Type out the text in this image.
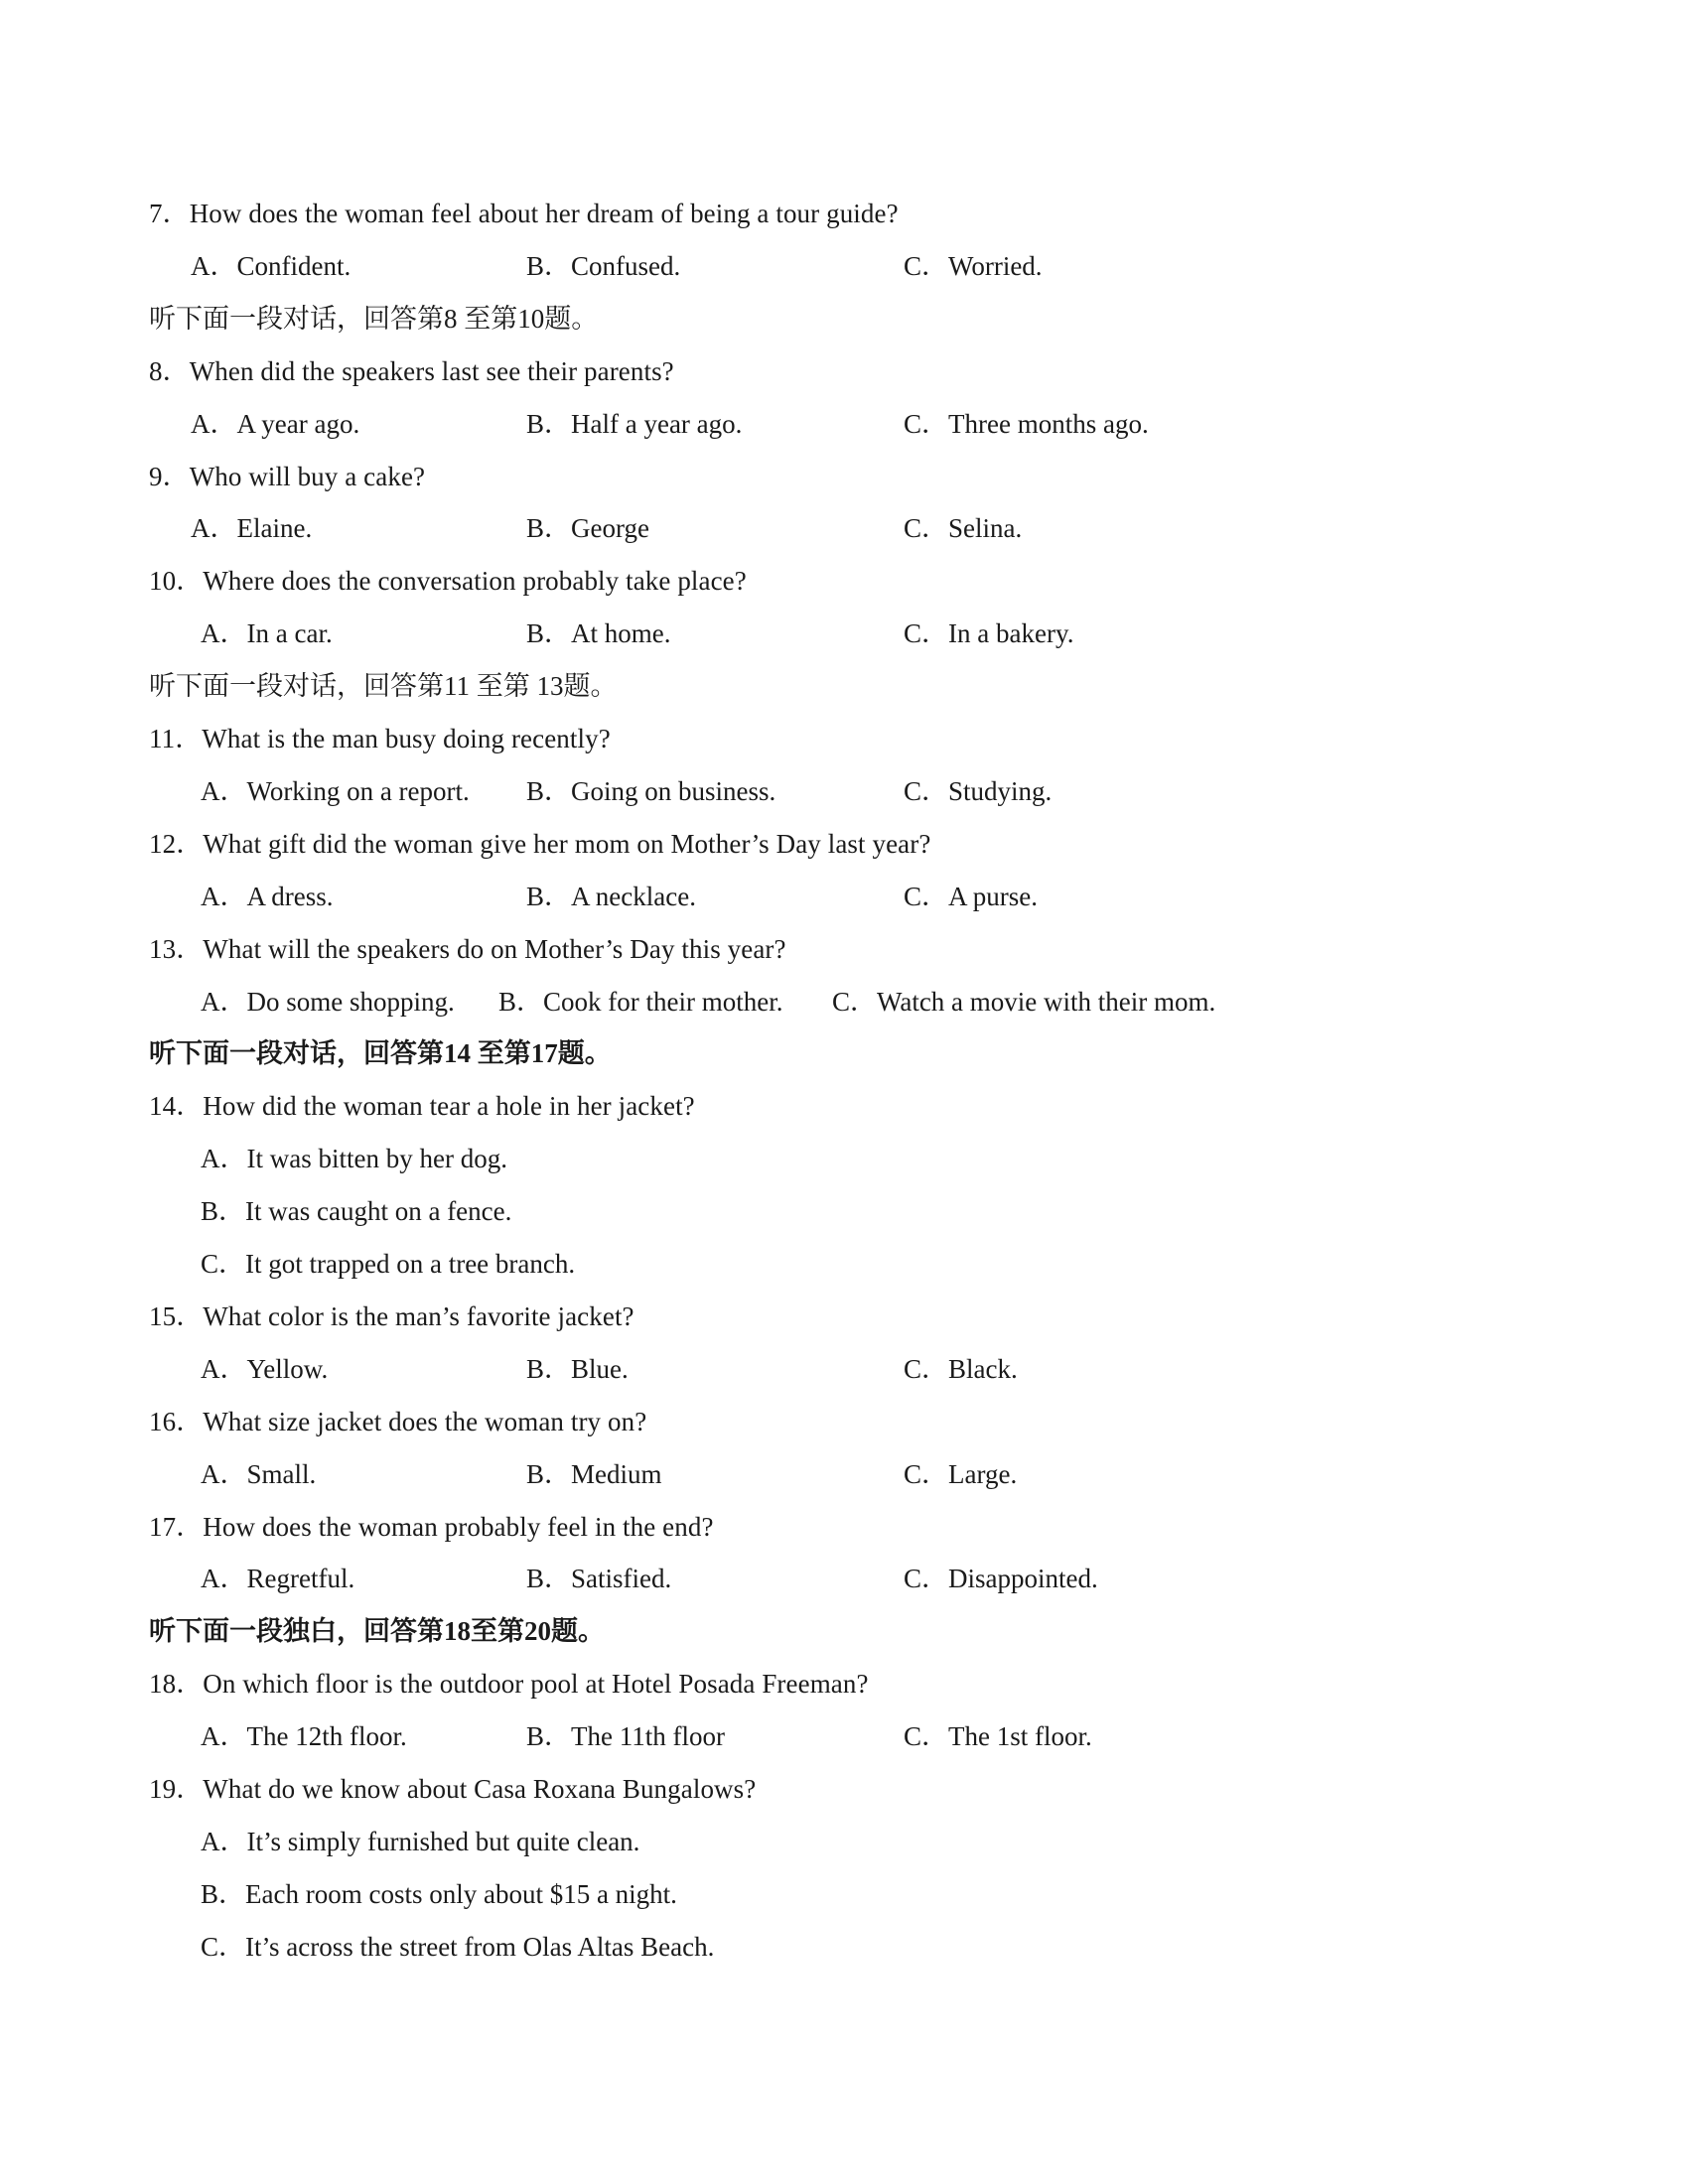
7．How does the woman feel about her dream of being a tour guide?
A．Confident.	B．Confused.	C．Worried.
听下面一段对话，回答第8 至第10题。
8．When did the speakers last see their parents?
A．A year ago.	B．Half a year ago.	C．Three months ago.
9．Who will buy a cake?
A．Elaine.	B．George	C．Selina.
10．Where does the conversation probably take place?
A．In a car.	B．At home.	C．In a bakery.
听下面一段对话，回答第11 至第 13题。
11．What is the man busy doing recently?
A．Working on a report. B．Going on business.	C．Studying.
12．What gift did the woman give her mom on Mother’s Day last year?
A．A dress.	B．A necklace.	C．A purse.
13．What will the speakers do on Mother’s Day this year?
A．Do some shopping. B．Cook for their mother. C．Watch a movie with their mom.
听下面一段对话，回答第14 至第17题。
14．How did the woman tear a hole in her jacket?
A．It was bitten by her dog.
B．It was caught on a fence.
C．It got trapped on a tree branch.
15．What color is the man’s favorite jacket?
A．Yellow.	B．Blue.	C．Black.
16．What size jacket does the woman try on?
A．Small.	B．Medium	C．Large.
17．How does the woman probably feel in the end?
A．Regretful.	B．Satisfied.	C．Disappointed.
听下面一段独白，回答第18至第20题。
18．On which floor is the outdoor pool at Hotel Posada Freeman?
A．The 12th floor.	B．The 11th floor	C．The 1st floor.
19．What do we know about Casa Roxana Bungalows?
A．It’s simply furnished but quite clean.
B．Each room costs only about $15 a night.
C．It’s across the street from Olas Altas Beach.
